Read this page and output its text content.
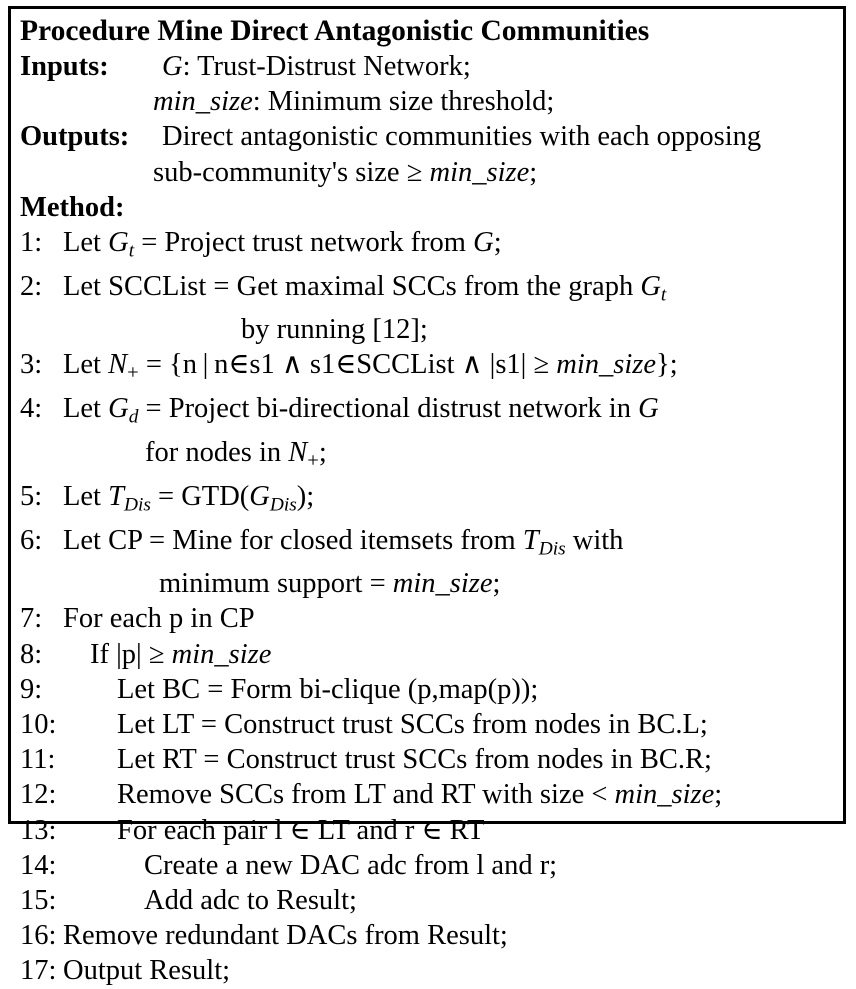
Procedure Mine Direct Antagonistic Communities
Inputs:	G: Trust-Distrust Network;
min_size: Minimum size threshold;
Outputs:	Direct antagonistic communities with each opposing
sub-community's size ≥ min_size;
Method:
1: Let $G_t$ = Project trust network from G;
2: Let SCCList = Get maximal SCCs from the graph $G_t$
by running [12];
3: Let $N_+ = \{n$ | n∈s1 ∧ s1∈SCCList ∧ |s1| ≥ min_size};
4: Let $G_d$ = Project bi-directional distrust network in G
for nodes in $N_+$;
5: Let $T_{Dis} = GTD(G_{Dis})$;
6: Let CP = Mine for closed itemsets from $T_{Dis}$ with
minimum support = min_size;
7: For each p in CP
8:	If |p| ≥ min_size
9:	Let BC = Form bi-clique (p,map(p));
10:	Let LT = Construct trust SCCs from nodes in BC.L;
11:	Let RT = Construct trust SCCs from nodes in BC.R;
12:	Remove SCCs from LT and RT with size < min_size;
13:	For each pair l ∈ LT and r ∈ RT
14:	Create a new DAC adc from l and r;
15:	Add adc to Result;
16: Remove redundant DACs from Result;
17: Output Result;
